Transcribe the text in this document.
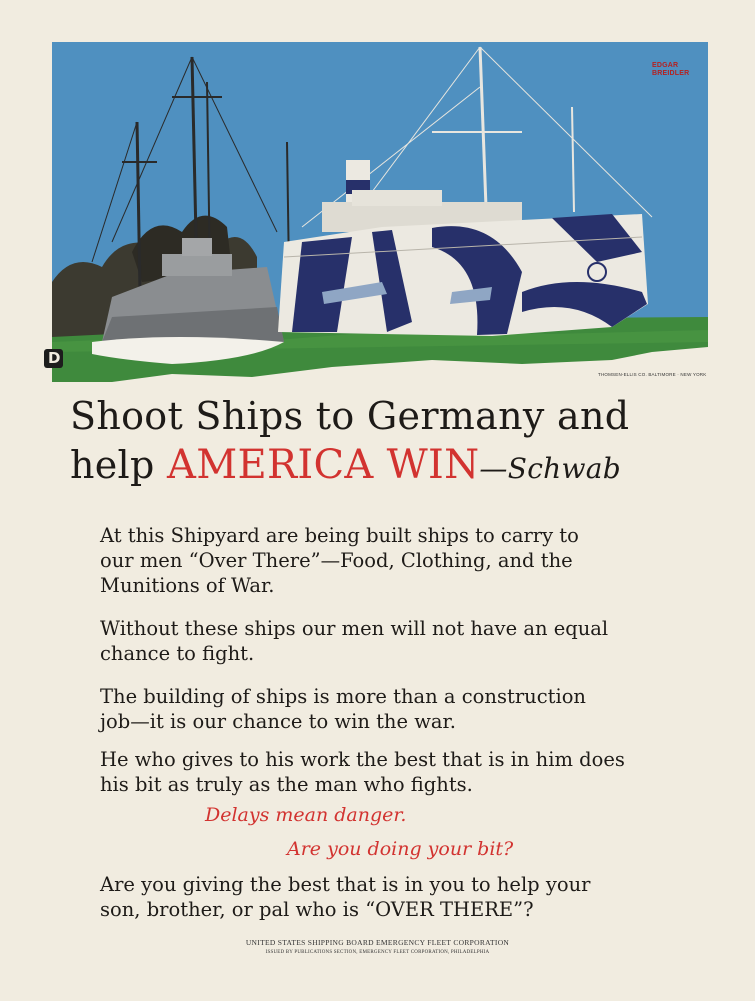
EDGAR BREIDLER
THOMSEN-ELLIS CO. BALTIMORE · NEW YORK
D
Shoot Ships to Germany and
help AMERICA WIN—Schwab
At this Shipyard are being built ships to carry to
our men “Over There”—Food, Clothing, and the
Munitions of War.
Without these ships our men will not have an equal
chance to fight.
The building of ships is more than a construction
job—it is our chance to win the war.
He who gives to his work the best that is in him does
his bit as truly as the man who fights.
Delays mean danger.
Are you doing your bit?
Are you giving the best that is in you to help your
son, brother, or pal who is “OVER THERE”?
UNITED STATES SHIPPING BOARD EMERGENCY FLEET CORPORATION
ISSUED BY PUBLICATIONS SECTION, EMERGENCY FLEET CORPORATION, PHILADELPHIA
